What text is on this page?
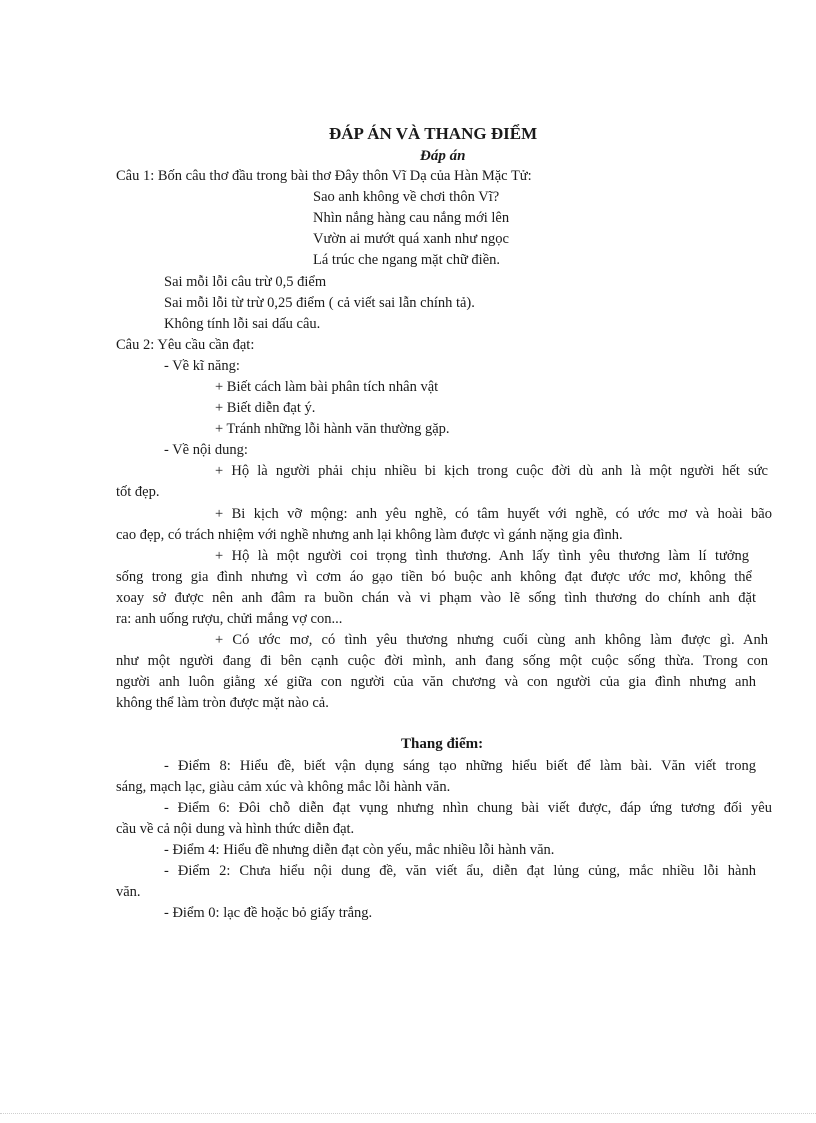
ĐÁP ÁN VÀ THANG ĐIỂM
Đáp án
Câu 1: Bốn câu thơ đầu trong bài thơ Đây thôn Vĩ Dạ của Hàn Mặc Tử:
Sao anh không về chơi thôn Vĩ?
Nhìn nắng hàng cau nắng mới lên
Vườn ai mướt quá xanh như ngọc
Lá trúc che ngang mặt chữ điền.
Sai mỗi lỗi câu trừ 0,5 điểm
Sai mỗi lỗi từ trừ 0,25 điểm ( cả viết sai lẫn chính tả).
Không tính lỗi sai dấu câu.
Câu 2: Yêu cầu cần đạt:
- Về kĩ năng:
+ Biết cách làm bài phân tích nhân vật
+ Biết diễn đạt ý.
+ Tránh những lỗi hành văn thường gặp.
- Về nội dung:
+ Hộ là người phải chịu nhiều bi kịch trong cuộc đời dù anh là một người hết sức
tốt đẹp.
+ Bi kịch vỡ mộng: anh yêu nghề, có tâm huyết với nghề, có ước mơ và hoài bão
cao đẹp, có trách nhiệm với nghề nhưng anh lại không làm được vì gánh nặng gia đình.
+ Hộ là một người coi trọng tình thương. Anh lấy tình yêu thương làm lí tưởng
sống trong gia đình nhưng vì cơm áo gạo tiền bó buộc anh không đạt được ước mơ, không thể
xoay sở được nên anh đâm ra buồn chán và vi phạm vào lẽ sống tình thương do chính anh đặt
ra: anh uống rượu, chửi mắng vợ con...
+ Có ước mơ, có tình yêu thương nhưng cuối cùng anh không làm được gì. Anh
như một người đang đi bên cạnh cuộc đời mình, anh đang sống một cuộc sống thừa. Trong con
người anh luôn giằng xé giữa con người của văn chương và con người của gia đình nhưng anh
không thể làm tròn được mặt nào cả.
Thang điểm:
- Điểm 8: Hiểu đề, biết vận dụng sáng tạo những hiểu biết để làm bài. Văn viết trong
sáng, mạch lạc, giàu cảm xúc và không mắc lỗi hành văn.
- Điểm 6: Đôi chỗ diễn đạt vụng nhưng nhìn chung bài viết được, đáp ứng tương đối yêu
cầu về cả nội dung và hình thức diễn đạt.
- Điểm 4: Hiểu đề nhưng diễn đạt còn yếu, mắc nhiều lỗi hành văn.
- Điểm 2: Chưa hiểu nội dung đề, văn viết ẩu, diễn đạt lủng củng, mắc nhiều lỗi hành
văn.
- Điểm 0: lạc đề hoặc bỏ giấy trắng.
